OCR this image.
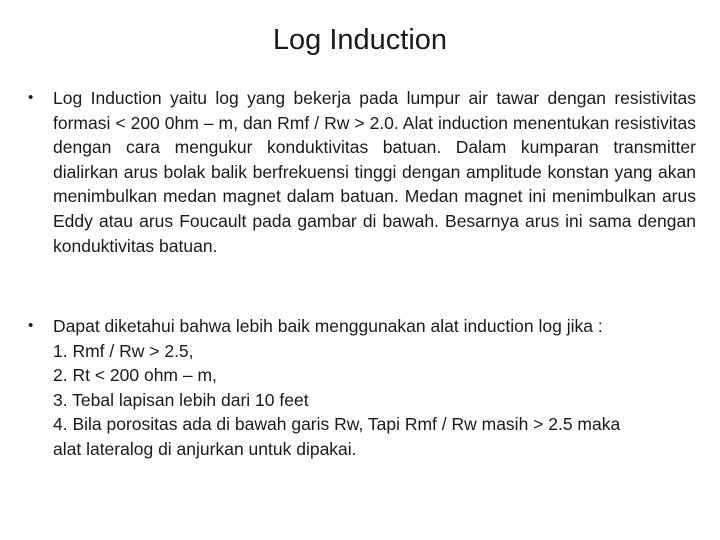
Log Induction
•	Log Induction yaitu log yang bekerja pada lumpur air tawar dengan resistivitas formasi < 200 0hm – m, dan Rmf / Rw > 2.0. Alat induction menentukan resistivitas dengan cara mengukur konduktivitas batuan. Dalam kumparan transmitter dialirkan arus bolak balik berfrekuensi tinggi dengan amplitude konstan yang akan menimbulkan medan magnet dalam batuan. Medan magnet ini menimbulkan arus Eddy atau arus Foucault pada gambar di bawah. Besarnya arus ini sama dengan konduktivitas batuan.
•	Dapat diketahui bahwa lebih baik menggunakan alat induction log jika :
1. Rmf / Rw > 2.5,
2. Rt < 200 ohm – m,
3. Tebal lapisan lebih dari 10 feet
4. Bila porositas ada di bawah garis Rw, Tapi Rmf / Rw masih > 2.5 maka
alat lateralog di anjurkan untuk dipakai.
